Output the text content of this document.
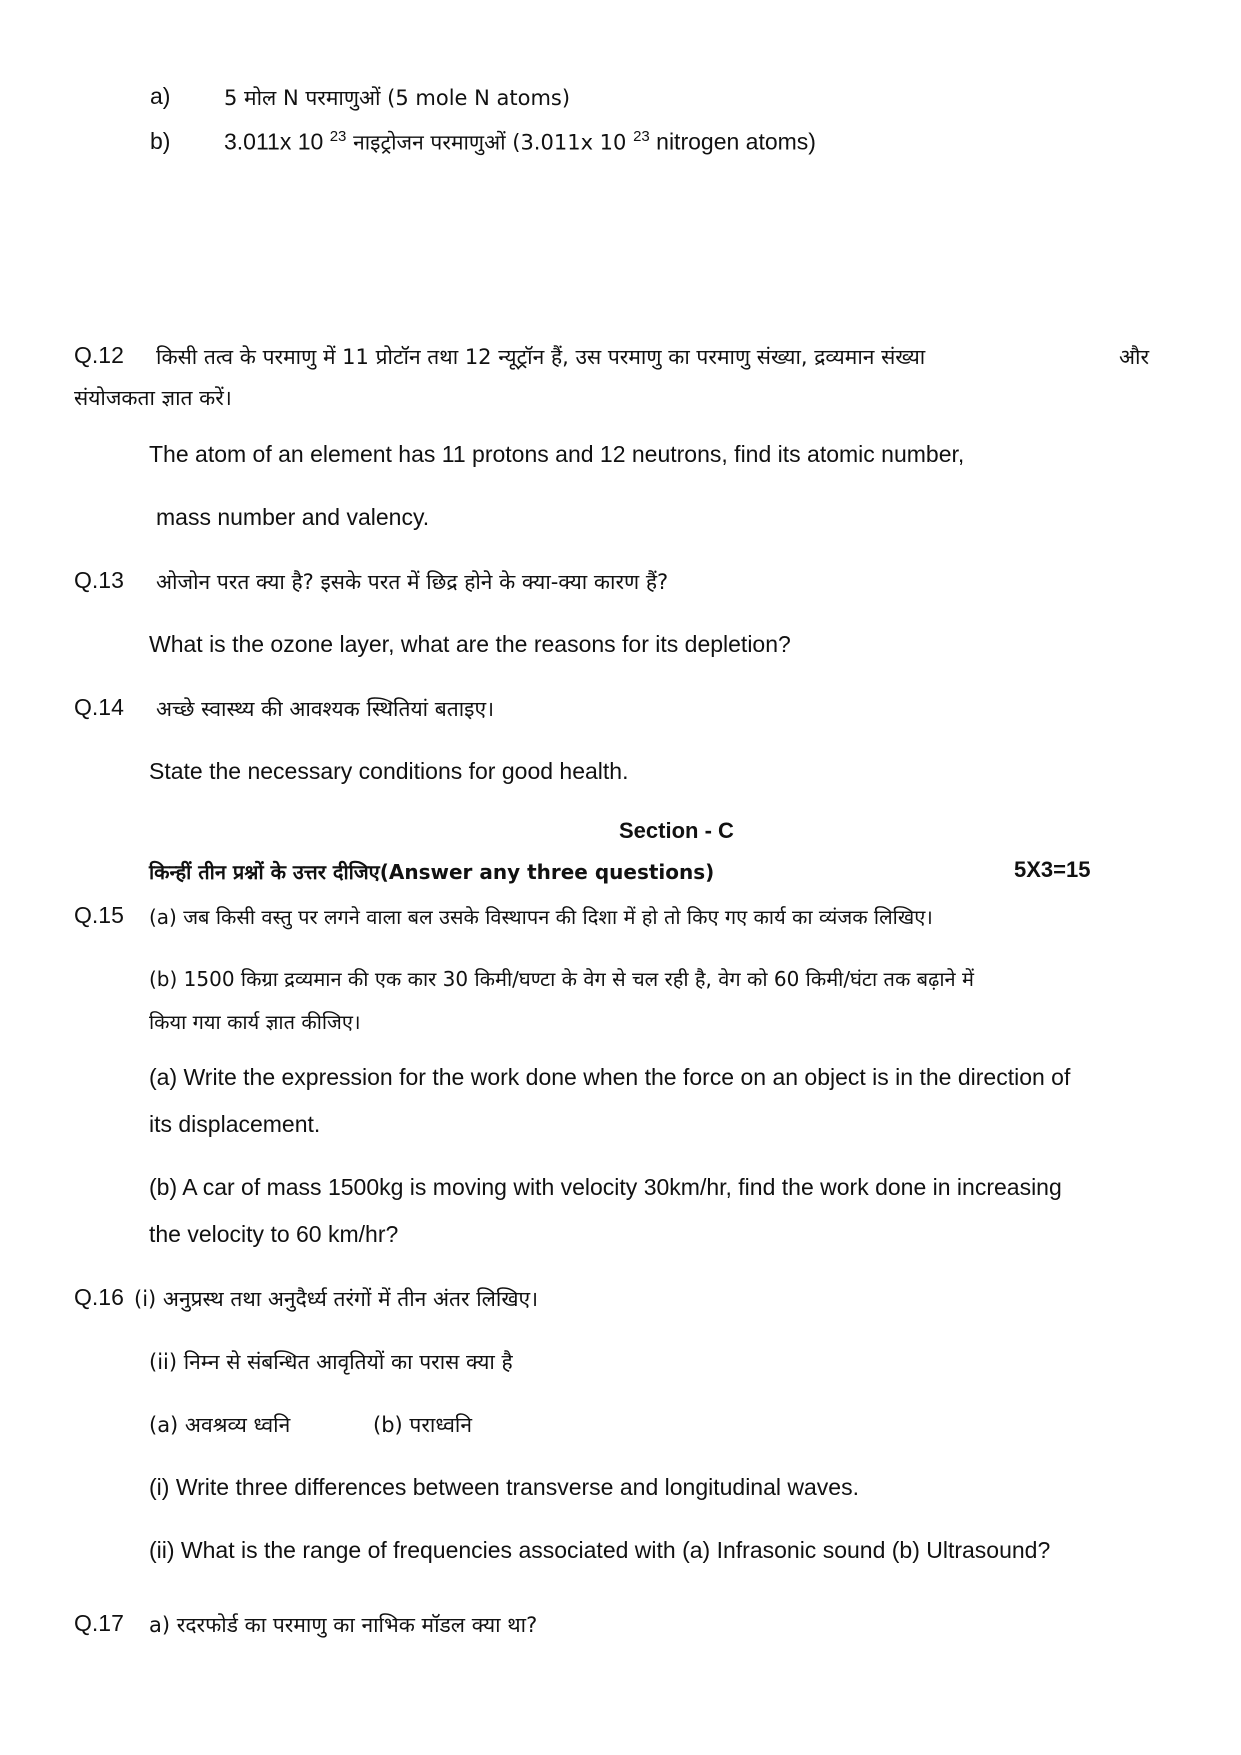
a)	5 मोल N परमाणुओं (5 mole N atoms)
b) 3.011x 10 $^{23}$ नाइट्रोजन परमाणुओं (3.011x 10 $^{23}$ nitrogen atoms)
Q.12 किसी तत्व के परमाणु में 11 प्रोटॉन तथा 12 न्यूट्रॉन हैं, उस परमाणु का परमाणु संख्या, द्रव्यमान संख्या	और
संयोजकता ज्ञात करें।
The atom of an element has 11 protons and 12 neutrons, find its atomic number,
mass number and valency.
Q.13 ओजोन परत क्या है? इसके परत में छिद्र होने के क्या-क्या कारण हैं?
What is the ozone layer, what are the reasons for its depletion?
Q.14 अच्छे स्वास्थ्य की आवश्यक स्थितियां बताइए।
State the necessary conditions for good health.
Section - C
किन्हीं तीन प्रश्नों के उत्तर दीजिए(Answer any three questions)	5X3=15
Q.15 (a) जब किसी वस्तु पर लगने वाला बल उसके विस्थापन की दिशा में हो तो किए गए कार्य का व्यंजक लिखिए।
(b) 1500 किग्रा द्रव्यमान की एक कार 30 किमी/घण्टा के वेग से चल रही है, वेग को 60 किमी/घंटा तक बढ़ाने में
किया गया कार्य ज्ञात कीजिए।
(a) Write the expression for the work done when the force on an object is in the direction of
its displacement.
(b) A car of mass 1500kg is moving with velocity 30km/hr, find the work done in increasing
the velocity to 60 km/hr?
Q.16 (i) अनुप्रस्थ तथा अनुदैर्ध्य तरंगों में तीन अंतर लिखिए।
(ii) निम्न से संबन्धित आवृतियों का परास क्या है
(a) अवश्रव्य ध्वनि	(b) पराध्वनि
(i) Write three differences between transverse and longitudinal waves.
(ii) What is the range of frequencies associated with (a) Infrasonic sound (b) Ultrasound?
Q.17 a) रदरफोर्ड का परमाणु का नाभिक मॉडल क्या था?
